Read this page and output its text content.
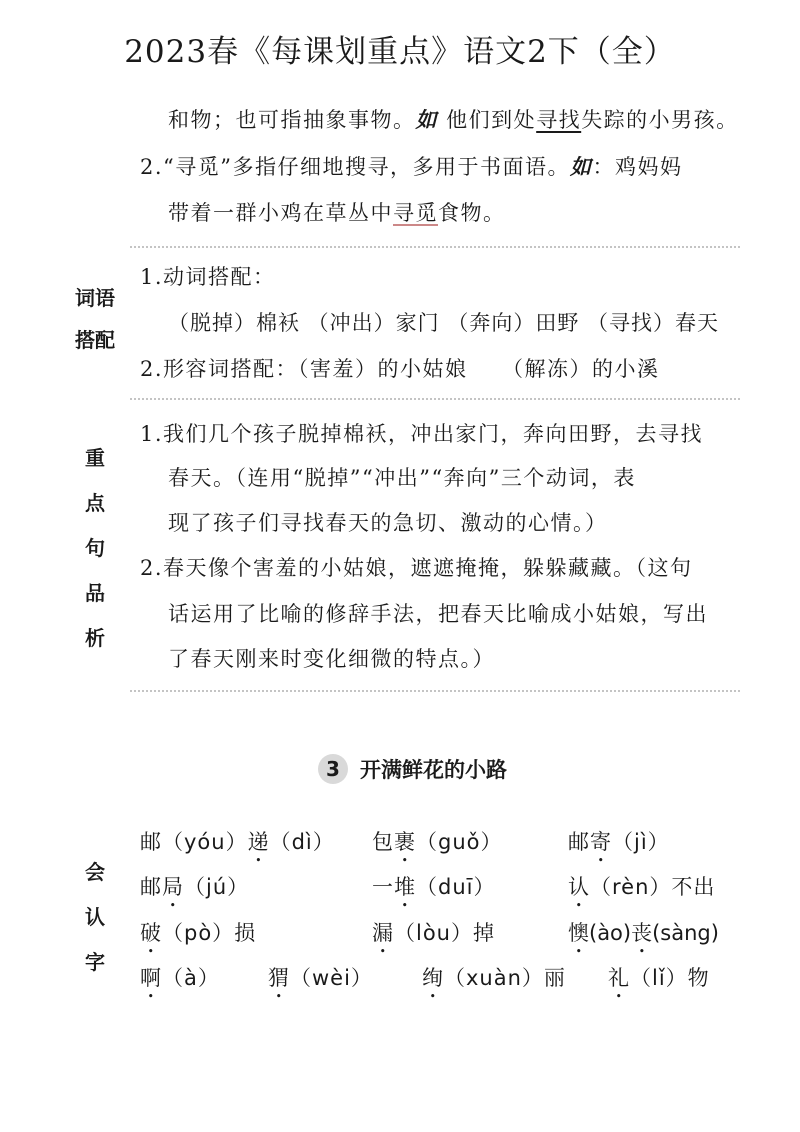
2023春《每课划重点》语文2下（全）
和物；也可指抽象事物。如 他们到处寻找失踪的小男孩。
2.“寻觅”多指仔细地搜寻，多用于书面语。如：鸡妈妈
带着一群小鸡在草丛中寻觅食物。
词语
搭配
1.动词搭配：
（脱掉）棉袄 （冲出）家门 （奔向）田野 （寻找）春天
2.形容词搭配：（害羞）的小姑娘　　（解冻）的小溪
重
点
句
品
析
1.我们几个孩子脱掉棉袄，冲出家门，奔向田野，去寻找
春天。（连用“脱掉”“冲出”“奔向”三个动词，表
现了孩子们寻找春天的急切、激动的心情。）
2.春天像个害羞的小姑娘，遮遮掩掩，躲躲藏藏。（这句
话运用了比喻的修辞手法，把春天比喻成小姑娘，写出
了春天刚来时变化细微的特点。）
3 开满鲜花的小路
会
认
字
邮（yóu）递（dì） 包裹（guǒ）	邮寄（jì）
邮局（jú）	一堆（duī）	认（rèn）不出
破（pò）损	漏（lòu）掉	懊(ào)丧(sàng)
啊（à） 猬（wèi） 绚（xuàn）丽 礼（lǐ）物
